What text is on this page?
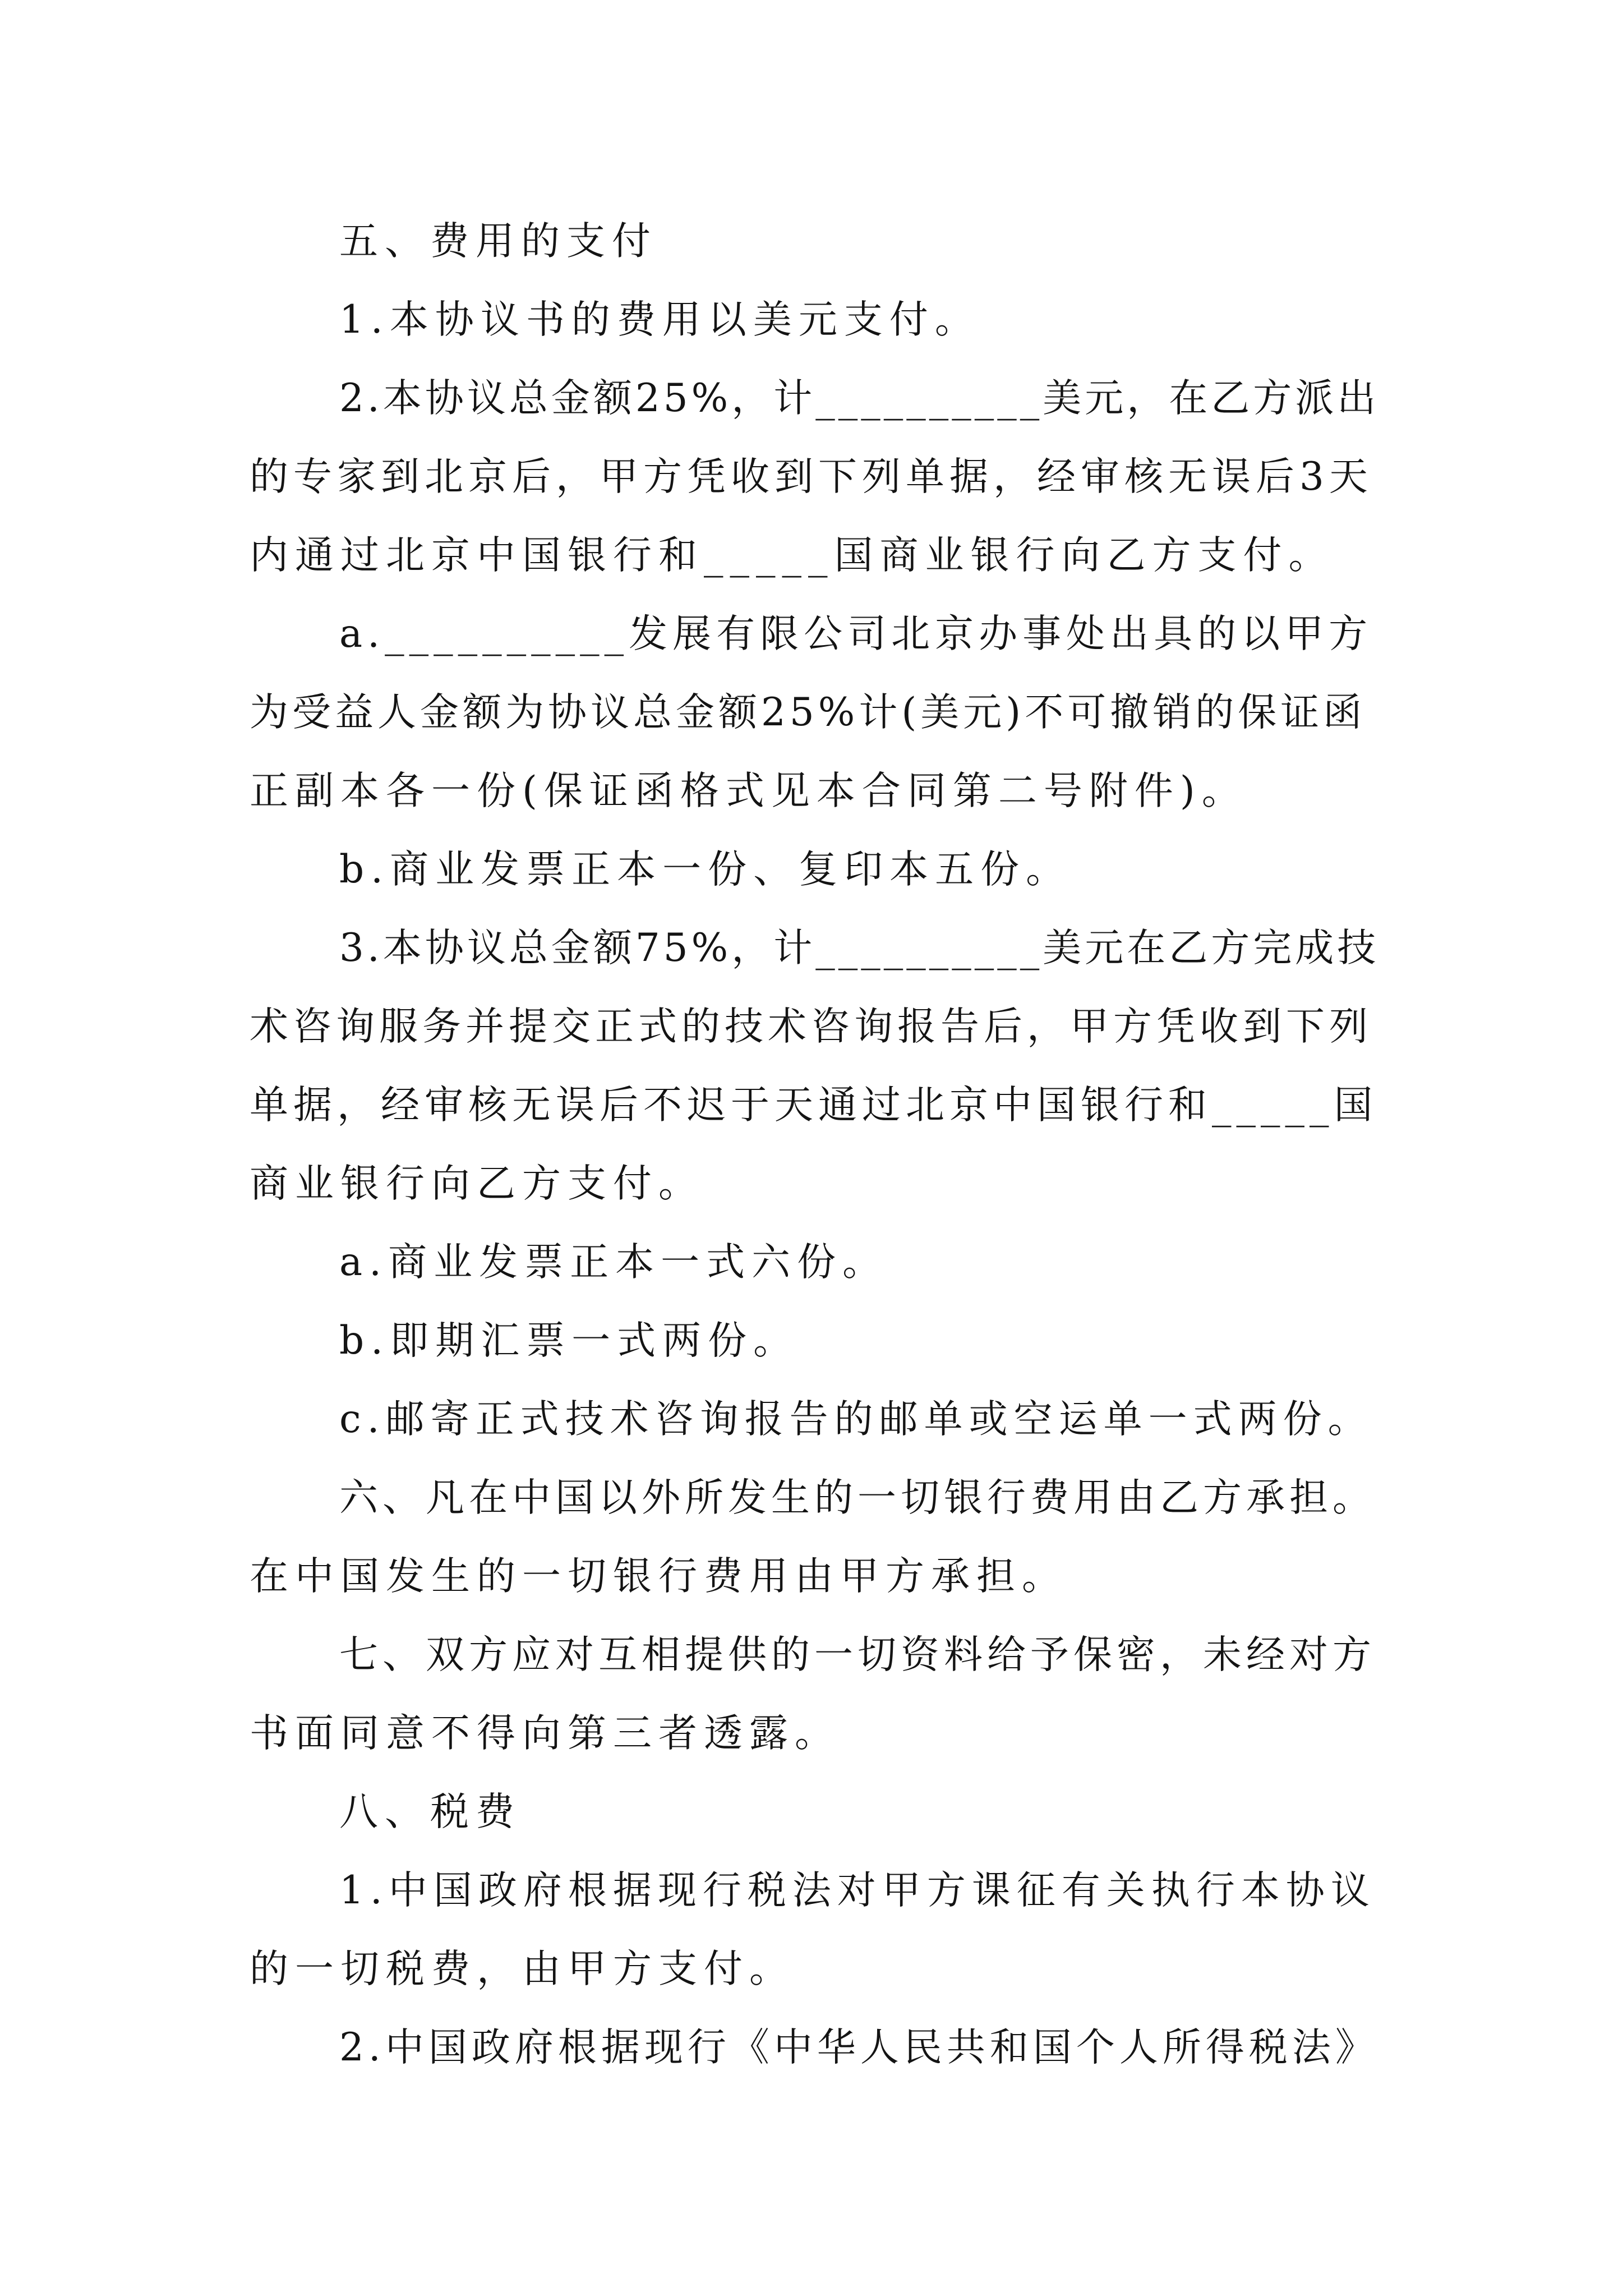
五、费用的支付
1.本协议书的费用以美元支付。
2.本协议总金额25%，计__________美元，在乙方派出
的专家到北京后，甲方凭收到下列单据，经审核无误后3天
内通过北京中国银行和_____国商业银行向乙方支付。
a.__________发展有限公司北京办事处出具的以甲方
为受益人金额为协议总金额25%计(美元)不可撤销的保证函
正副本各一份(保证函格式见本合同第二号附件)。
b.商业发票正本一份、复印本五份。
3.本协议总金额75%，计__________美元在乙方完成技
术咨询服务并提交正式的技术咨询报告后，甲方凭收到下列
单据，经审核无误后不迟于天通过北京中国银行和_____国
商业银行向乙方支付。
a.商业发票正本一式六份。
b.即期汇票一式两份。
c.邮寄正式技术咨询报告的邮单或空运单一式两份。
六、凡在中国以外所发生的一切银行费用由乙方承担。
在中国发生的一切银行费用由甲方承担。
七、双方应对互相提供的一切资料给予保密，未经对方
书面同意不得向第三者透露。
八、税费
1.中国政府根据现行税法对甲方课征有关执行本协议
的一切税费，由甲方支付。
2.中国政府根据现行《中华人民共和国个人所得税法》
